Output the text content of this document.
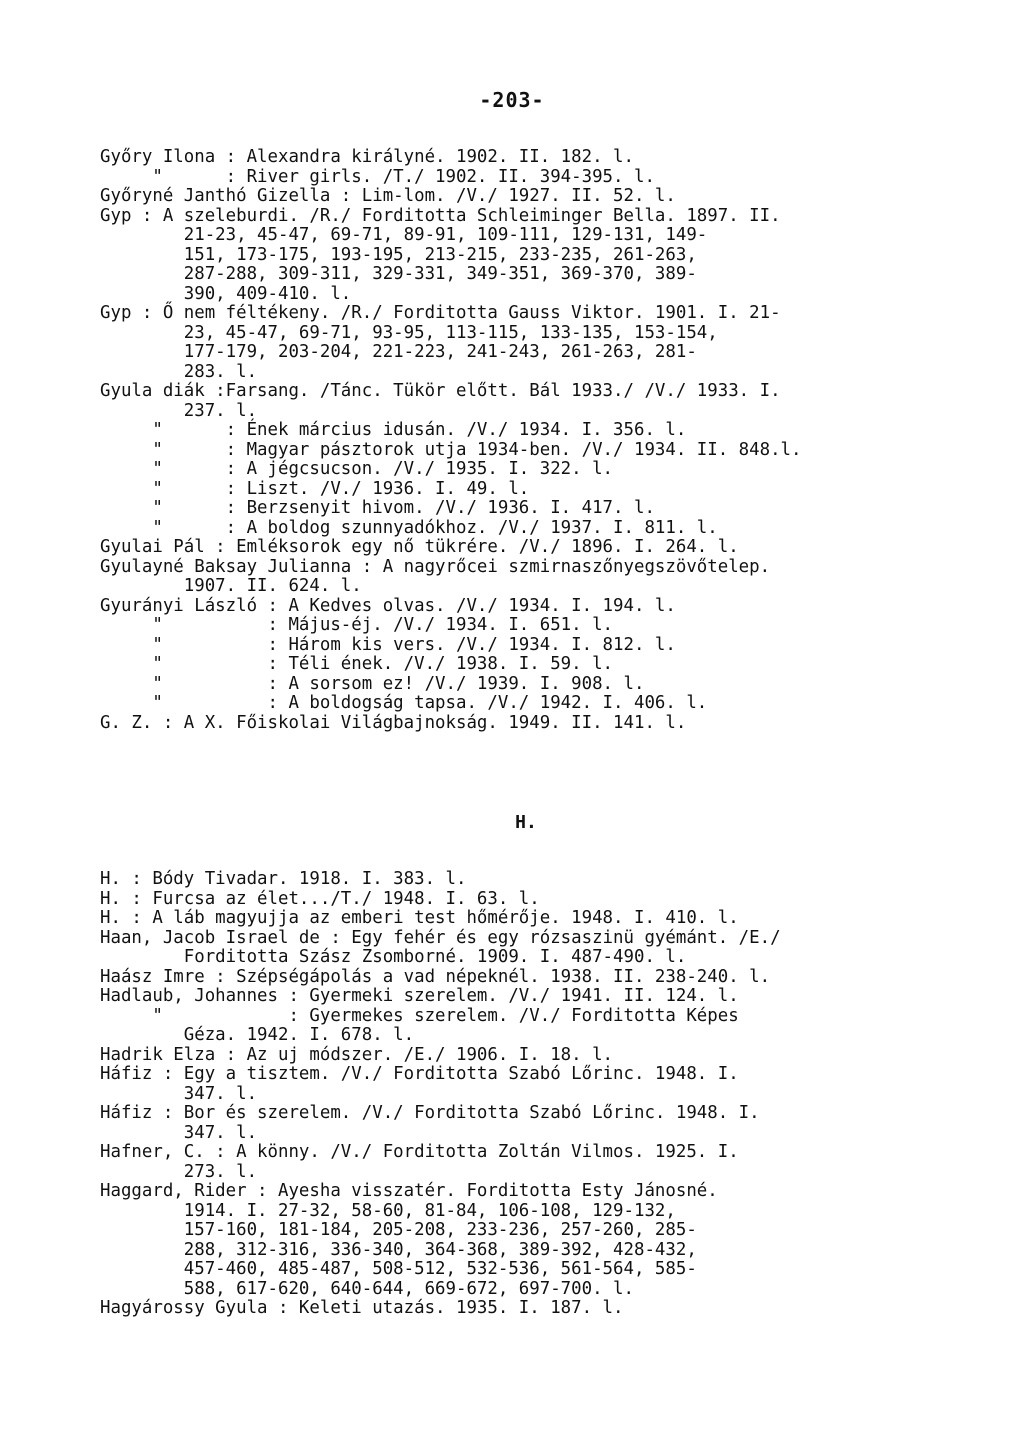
-203-
Győry Ilona : Alexandra királyné. 1902. II. 182. l.
"      : River girls. /T./ 1902. II. 394-395. l.
Győryné Janthó Gizella : Lim-lom. /V./ 1927. II. 52. l.
Gyp : A szeleburdi. /R./ Forditotta Schleiminger Bella. 1897. II.
21-23, 45-47, 69-71, 89-91, 109-111, 129-131, 149-
151, 173-175, 193-195, 213-215, 233-235, 261-263,
287-288, 309-311, 329-331, 349-351, 369-370, 389-
390, 409-410. l.
Gyp : Ő nem féltékeny. /R./ Forditotta Gauss Viktor. 1901. I. 21-
23, 45-47, 69-71, 93-95, 113-115, 133-135, 153-154,
177-179, 203-204, 221-223, 241-243, 261-263, 281-
283. l.
Gyula diák :Farsang. /Tánc. Tükör előtt. Bál 1933./ /V./ 1933. I.
237. l.
"      : Ének március idusán. /V./ 1934. I. 356. l.
"      : Magyar pásztorok utja 1934-ben. /V./ 1934. II. 848.l.
"      : A jégcsucson. /V./ 1935. I. 322. l.
"      : Liszt. /V./ 1936. I. 49. l.
"      : Berzsenyit hivom. /V./ 1936. I. 417. l.
"      : A boldog szunnyadókhoz. /V./ 1937. I. 811. l.
Gyulai Pál : Emléksorok egy nő tükrére. /V./ 1896. I. 264. l.
Gyulayné Baksay Julianna : A nagyrőcei szmirnaszőnyegszövőtelep.
1907. II. 624. l.
Gyurányi László : A Kedves olvas. /V./ 1934. I. 194. l.
"          : Május-éj. /V./ 1934. I. 651. l.
"          : Három kis vers. /V./ 1934. I. 812. l.
"          : Téli ének. /V./ 1938. I. 59. l.
"          : A sorsom ez! /V./ 1939. I. 908. l.
"          : A boldogság tapsa. /V./ 1942. I. 406. l.
G. Z. : A X. Főiskolai Világbajnokság. 1949. II. 141. l.
H.
H. : Bódy Tivadar. 1918. I. 383. l.
H. : Furcsa az élet.../T./ 1948. I. 63. l.
H. : A láb magyujja az emberi test hőmérője. 1948. I. 410. l.
Haan, Jacob Israel de : Egy fehér és egy rózsaszinü gyémánt. /E./
Forditotta Szász Zsomborné. 1909. I. 487-490. l.
Haász Imre : Szépségápolás a vad népeknél. 1938. II. 238-240. l.
Hadlaub, Johannes : Gyermeki szerelem. /V./ 1941. II. 124. l.
"            : Gyermekes szerelem. /V./ Forditotta Képes
Géza. 1942. I. 678. l.
Hadrik Elza : Az uj módszer. /E./ 1906. I. 18. l.
Háfiz : Egy a tisztem. /V./ Forditotta Szabó Lőrinc. 1948. I.
347. l.
Háfiz : Bor és szerelem. /V./ Forditotta Szabó Lőrinc. 1948. I.
347. l.
Hafner, C. : A könny. /V./ Forditotta Zoltán Vilmos. 1925. I.
273. l.
Haggard, Rider : Ayesha visszatér. Forditotta Esty Jánosné.
1914. I. 27-32, 58-60, 81-84, 106-108, 129-132,
157-160, 181-184, 205-208, 233-236, 257-260, 285-
288, 312-316, 336-340, 364-368, 389-392, 428-432,
457-460, 485-487, 508-512, 532-536, 561-564, 585-
588, 617-620, 640-644, 669-672, 697-700. l.
Hagyárossy Gyula : Keleti utazás. 1935. I. 187. l.
